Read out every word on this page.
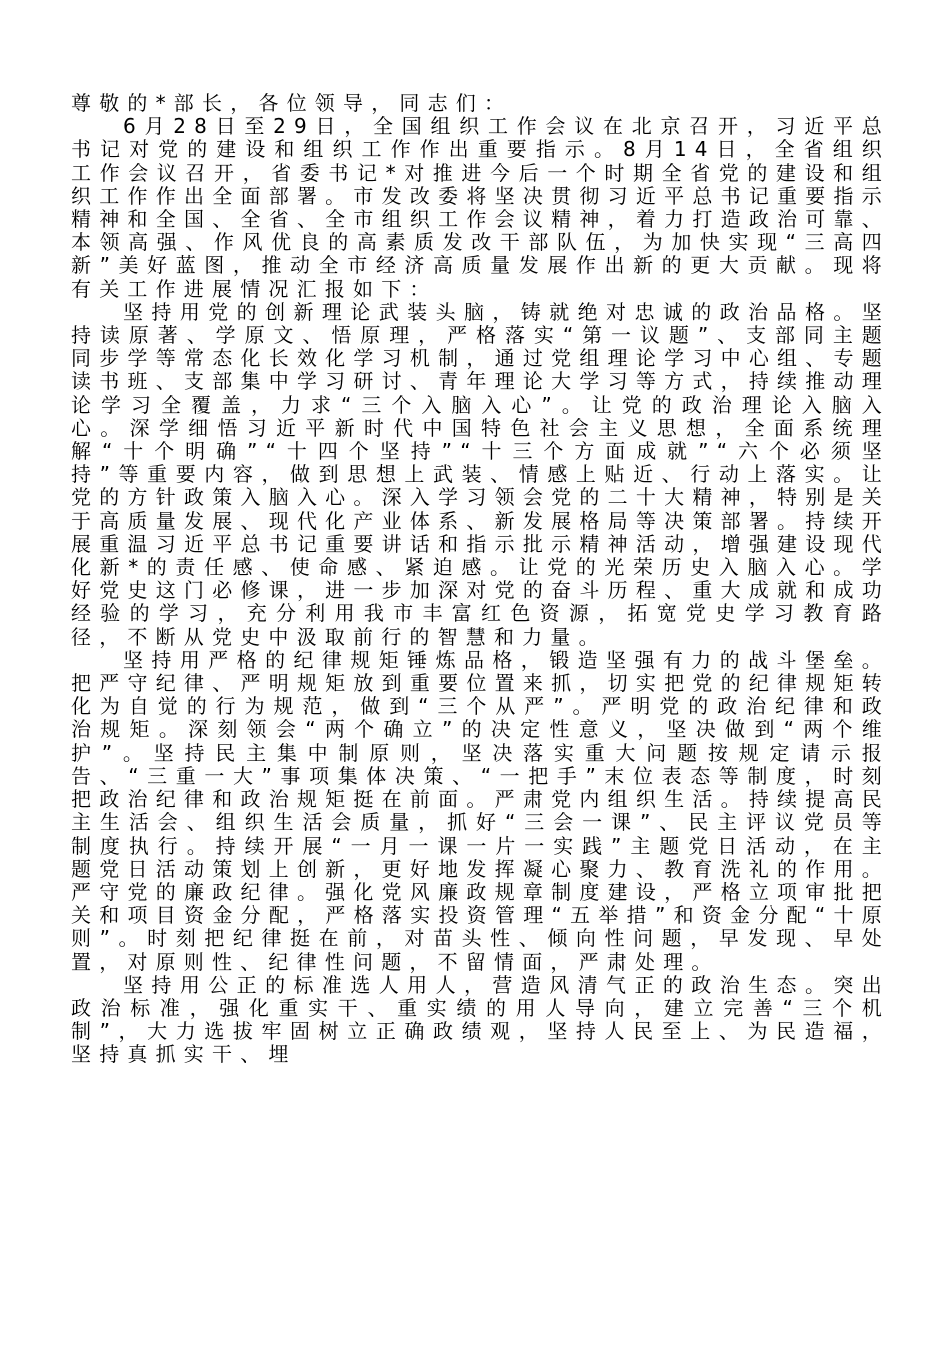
尊敬的*部长，各位领导，同志们：

6月28日至29日，全国组织工作会议在北京召开，习近平总书记对党的建设和组织工作作出重要指示。8月14日，全省组织工作会议召开，省委书记*对推进今后一个时期全省党的建设和组织工作作出全面部署。市发改委将坚决贯彻习近平总书记重要指示精神和全国、全省、全市组织工作会议精神，着力打造政治可靠、本领高强、作风优良的高素质发改干部队伍，为加快实现“三高四新”美好蓝图，推动全市经济高质量发展作出新的更大贡献。现将有关工作进展情况汇报如下：

坚持用党的创新理论武装头脑，铸就绝对忠诚的政治品格。坚持读原著、学原文、悟原理，严格落实“第一议题”、支部同主题同步学等常态化长效化学习机制，通过党组理论学习中心组、专题读书班、支部集中学习研讨、青年理论大学习等方式，持续推动理论学习全覆盖，力求“三个入脑入心”。让党的政治理论入脑入心。深学细悟习近平新时代中国特色社会主义思想，全面系统理解“十个明确”“十四个坚持”“十三个方面成就”“六个必须坚持”等重要内容，做到思想上武装、情感上贴近、行动上落实。让党的方针政策入脑入心。深入学习领会党的二十大精神，特别是关于高质量发展、现代化产业体系、新发展格局等决策部署。持续开展重温习近平总书记重要讲话和指示批示精神活动，增强建设现代化新*的责任感、使命感、紧迫感。让党的光荣历史入脑入心。学好党史这门必修课，进一步加深对党的奋斗历程、重大成就和成功经验的学习，充分利用我市丰富红色资源，拓宽党史学习教育路径，不断从党史中汲取前行的智慧和力量。

坚持用严格的纪律规矩锤炼品格，锻造坚强有力的战斗堡垒。把严守纪律、严明规矩放到重要位置来抓，切实把党的纪律规矩转化为自觉的行为规范，做到“三个从严”。严明党的政治纪律和政治规矩。深刻领会“两个确立”的决定性意义，坚决做到“两个维护”。坚持民主集中制原则，坚决落实重大问题按规定请示报告、“三重一大”事项集体决策、“一把手”末位表态等制度，时刻把政治纪律和政治规矩挺在前面。严肃党内组织生活。持续提高民主生活会、组织生活会质量，抓好“三会一课”、民主评议党员等制度执行。持续开展“一月一课一片一实践”主题党日活动，在主题党日活动策划上创新，更好地发挥凝心聚力、教育洗礼的作用。严守党的廉政纪律。强化党风廉政规章制度建设，严格立项审批把关和项目资金分配，严格落实投资管理“五举措”和资金分配“十原则”。时刻把纪律挺在前，对苗头性、倾向性问题，早发现、早处置，对原则性、纪律性问题，不留情面，严肃处理。

坚持用公正的标准选人用人，营造风清气正的政治生态。突出政治标准，强化重实干、重实绩的用人导向，建立完善“三个机制”，大力选拔牢固树立正确政绩观，坚持人民至上、为民造福，坚持真抓实干、埋
